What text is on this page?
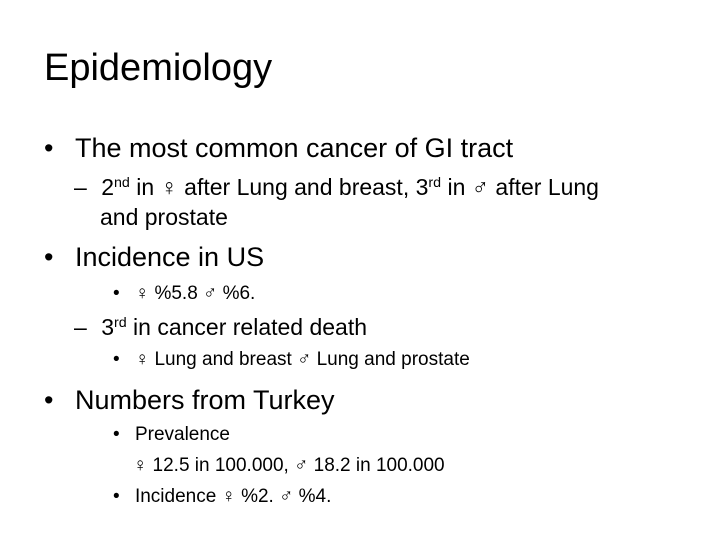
Epidemiology
• The most common cancer of GI tract
– 2nd in ♀ after Lung and breast, 3rd in ♂ after Lung
and prostate
• Incidence in US
• ♀ %5.8 ♂ %6.
– 3rd in cancer related death
• ♀ Lung and breast ♂ Lung and prostate
• Numbers from Turkey
• Prevalence
♀ 12.5 in 100.000, ♂ 18.2 in 100.000
• Incidence ♀ %2. ♂ %4.
